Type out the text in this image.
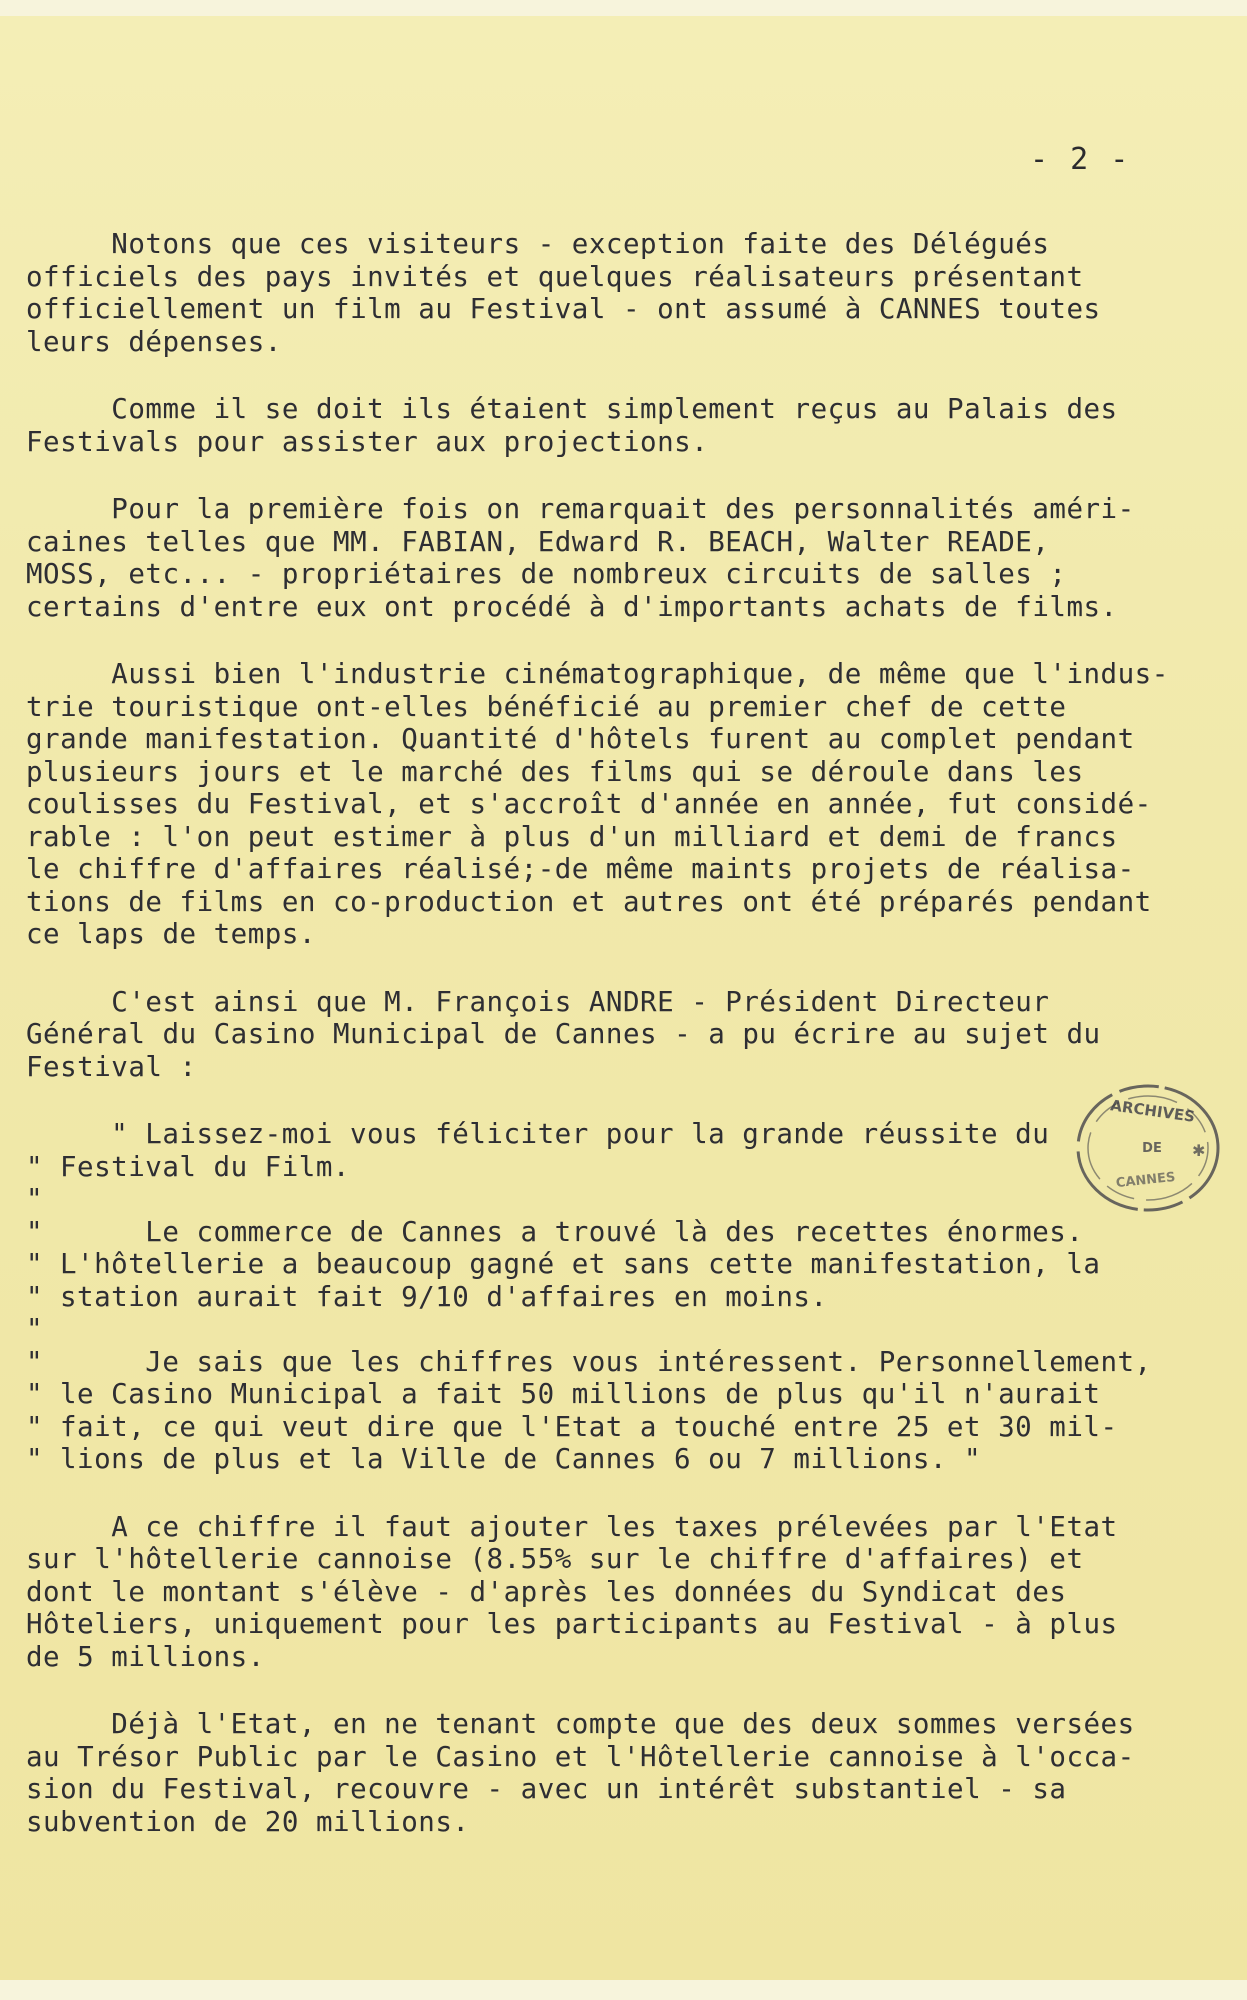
- 2 -

Notons que ces visiteurs - exception faite des Délégués
officiels des pays invités et quelques réalisateurs présentant
officiellement un film au Festival - ont assumé à CANNES toutes
leurs dépenses.
Comme il se doit ils étaient simplement reçus au Palais des
Festivals pour assister aux projections.
Pour la première fois on remarquait des personnalités améri-
caines telles que MM. FABIAN, Edward R. BEACH, Walter READE,
MOSS, etc... - propriétaires de nombreux circuits de salles ;
certains d'entre eux ont procédé à d'importants achats de films.
Aussi bien l'industrie cinématographique, de même que l'indus-
trie touristique ont-elles bénéficié au premier chef de cette
grande manifestation. Quantité d'hôtels furent au complet pendant
plusieurs jours et le marché des films qui se déroule dans les
coulisses du Festival, et s'accroît d'année en année, fut considé-
rable : l'on peut estimer à plus d'un milliard et demi de francs
le chiffre d'affaires réalisé;-de même maints projets de réalisa-
tions de films en co-production et autres ont été préparés pendant
ce laps de temps.
C'est ainsi que M. François ANDRE - Président Directeur
Général du Casino Municipal de Cannes - a pu écrire au sujet du
Festival :
" Laissez-moi vous féliciter pour la grande réussite du
" Festival du Film.
"
" Le commerce de Cannes a trouvé là des recettes énormes.
" L'hôtellerie a beaucoup gagné et sans cette manifestation, la
" station aurait fait 9/10 d'affaires en moins.
"
" Je sais que les chiffres vous intéressent. Personnellement,
" le Casino Municipal a fait 50 millions de plus qu'il n'aurait
" fait, ce qui veut dire que l'Etat a touché entre 25 et 30 mil-
" lions de plus et la Ville de Cannes 6 ou 7 millions. "
A ce chiffre il faut ajouter les taxes prélevées par l'Etat
sur l'hôtellerie cannoise (8.55% sur le chiffre d'affaires) et
dont le montant s'élève - d'après les données du Syndicat des
Hôteliers, uniquement pour les participants au Festival - à plus
de 5 millions.
Déjà l'Etat, en ne tenant compte que des deux sommes versées
au Trésor Public par le Casino et l'Hôtellerie cannoise à l'occa-
sion du Festival, recouvre - avec un intérêt substantiel - sa
subvention de 20 millions.
ARCHIVES
DE
CANNES
✱
